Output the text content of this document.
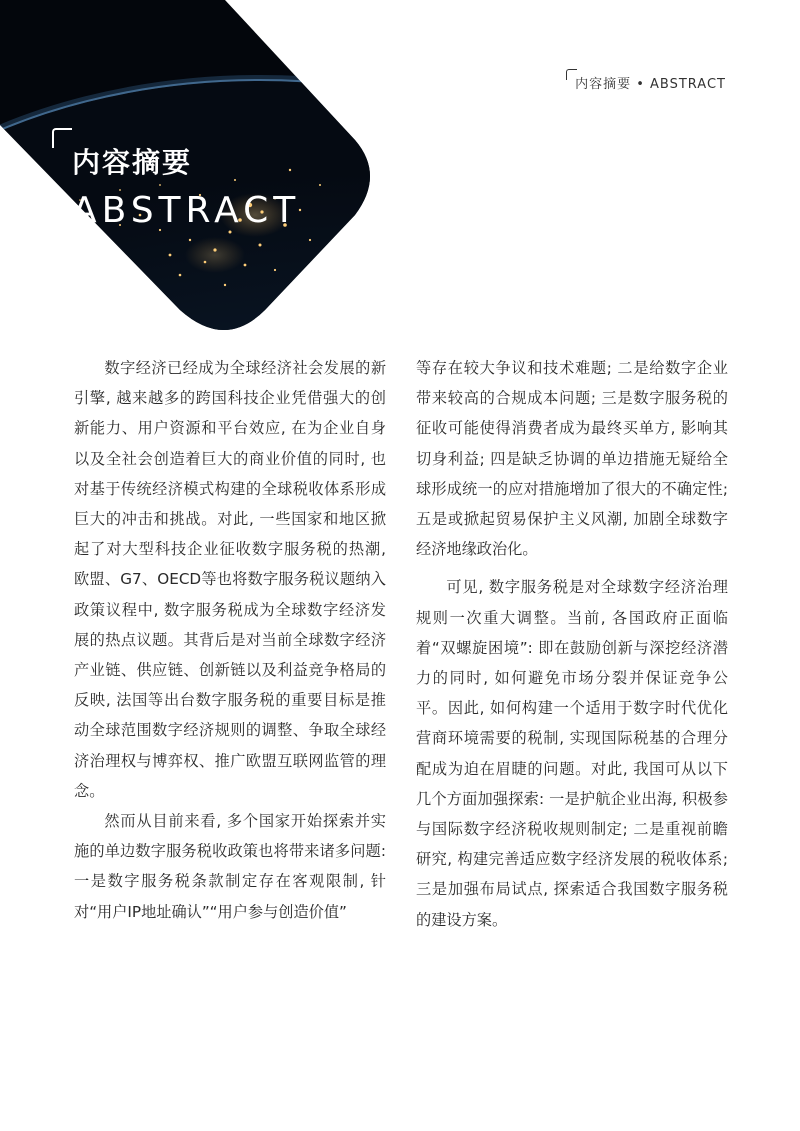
内容摘要
ABSTRACT
内容摘要 • ABSTRACT

数字经济已经成为全球经济社会发展的新引擎, 越来越多的跨国科技企业凭借强大的创新能力、用户资源和平台效应, 在为企业自身以及全社会创造着巨大的商业价值的同时, 也对基于传统经济模式构建的全球税收体系形成巨大的冲击和挑战。对此, 一些国家和地区掀起了对大型科技企业征收数字服务税的热潮, 欧盟、G7、OECD等也将数字服务税议题纳入政策议程中, 数字服务税成为全球数字经济发展的热点议题。其背后是对当前全球数字经济产业链、供应链、创新链以及利益竞争格局的反映, 法国等出台数字服务税的重要目标是推动全球范围数字经济规则的调整、争取全球经济治理权与博弈权、推广欧盟互联网监管的理念。

然而从目前来看, 多个国家开始探索并实施的单边数字服务税收政策也将带来诸多问题: 一是数字服务税条款制定存在客观限制, 针对“用户IP地址确认”“用户参与创造价值”

等存在较大争议和技术难题; 二是给数字企业带来较高的合规成本问题; 三是数字服务税的征收可能使得消费者成为最终买单方, 影响其切身利益; 四是缺乏协调的单边措施无疑给全球形成统一的应对措施增加了很大的不确定性; 五是或掀起贸易保护主义风潮, 加剧全球数字经济地缘政治化。

可见, 数字服务税是对全球数字经济治理规则一次重大调整。当前, 各国政府正面临着“双螺旋困境”: 即在鼓励创新与深挖经济潜力的同时, 如何避免市场分裂并保证竞争公平。因此, 如何构建一个适用于数字时代优化营商环境需要的税制, 实现国际税基的合理分配成为迫在眉睫的问题。对此, 我国可从以下几个方面加强探索: 一是护航企业出海, 积极参与国际数字经济税收规则制定; 二是重视前瞻研究, 构建完善适应数字经济发展的税收体系; 三是加强布局试点, 探索适合我国数字服务税的建设方案。
